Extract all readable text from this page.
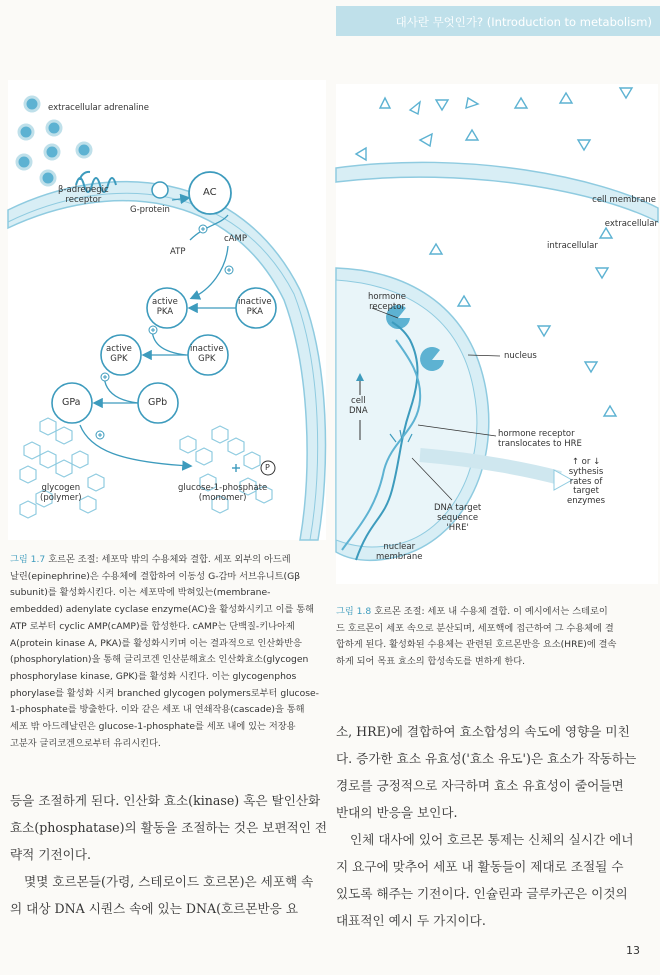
대사란 무엇인가? (Introduction to metabolism)
extracellular adrenaline
β-adrenegic
receptor
G-protein
AC
ATP
cAMP
active
PKA
inactive
PKA
active
GPK
inactive
GPK
GPa	GPb
glycogen
(polymer)
glucose-1-phosphate
(monomer)
P
cell membrane
extracellular
intracellular
hormone
receptor
nucleus
cell
DNA
hormone receptor
translocates to HRE
↑ or ↓
sythesis
rates of
target
enzymes
DNA target
sequence
'HRE'
nuclear
membrane
그림 1.7 호르몬 조절: 세포막 밖의 수용체와 결합. 세포 외부의 아드레
날린(epinephrine)은 수용체에 결합하여 이동성 G-감마 서브유니트(Gβ
subunit)를 활성화시킨다. 이는 세포막에 박혀있는(membrane-
embedded) adenylate cyclase enzyme(AC)을 활성화시키고 이를 통해
ATP 로부터 cyclic AMP(cAMP)를 합성한다. cAMP는 단백질-키나아제
A(protein kinase A, PKA)를 활성화시키며 이는 결과적으로 인산화반응
(phosphorylation)을 통해 글리코겐 인산분해효소 인산화효소(glycogen
phosphorylase kinase, GPK)를 활성화 시킨다. 이는 glycogenphos
phorylase를 활성화 시켜 branched glycogen polymers로부터 glucose-
1-phosphate를 방출한다. 이와 같은 세포 내 연쇄작용(cascade)을 통해
세포 밖 아드레날린은 glucose-1-phosphate를 세포 내에 있는 저장용
고분자 글리코겐으로부터 유리시킨다.
그림 1.8 호르몬 조절: 세포 내 수용체 결합. 이 예시에서는 스테로이
드 호르몬이 세포 속으로 분산되며, 세포핵에 접근하여 그 수용체에 결
합하게 된다. 활성화된 수용체는 관련된 호르몬반응 요소(HRE)에 결속
하게 되어 목표 효소의 합성속도를 변하게 한다.
등을 조절하게 된다. 인산화 효소(kinase) 혹은 탈인산화
효소(phosphatase)의 활동을 조절하는 것은 보편적인 전
략적 기전이다.
몇몇 호르몬들(가령, 스테로이드 호르몬)은 세포핵 속
의 대상 DNA 시퀀스 속에 있는 DNA(호르몬반응 요
소, HRE)에 결합하여 효소합성의 속도에 영향을 미친
다. 증가한 효소 유효성('효소 유도')은 효소가 작동하는
경로를 긍정적으로 자극하며 효소 유효성이 줄어들면
반대의 반응을 보인다.
인체 대사에 있어 호르몬 통제는 신체의 실시간 에너
지 요구에 맞추어 세포 내 활동들이 제대로 조절될 수
있도록 해주는 기전이다. 인슐린과 글루카곤은 이것의
대표적인 예시 두 가지이다.
13
